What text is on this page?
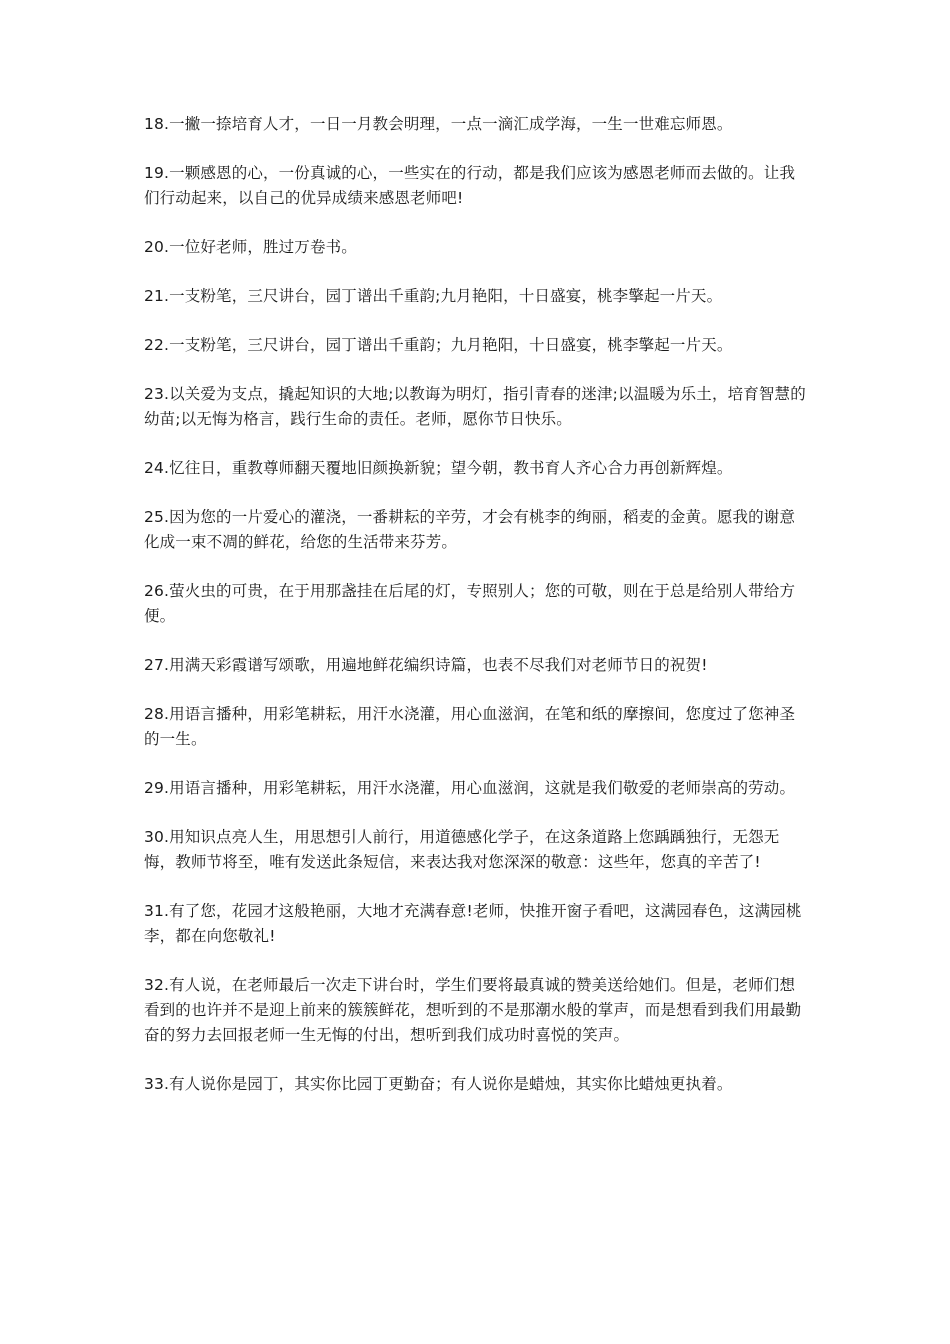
18.一撇一捺培育人才，一日一月教会明理，一点一滴汇成学海，一生一世难忘师恩。

19.一颗感恩的心，一份真诚的心，一些实在的行动，都是我们应该为感恩老师而去做的。让我们行动起来，以自己的优异成绩来感恩老师吧!

20.一位好老师，胜过万卷书。

21.一支粉笔，三尺讲台，园丁谱出千重韵;九月艳阳，十日盛宴，桃李擎起一片天。

22.一支粉笔，三尺讲台，园丁谱出千重韵；九月艳阳，十日盛宴，桃李擎起一片天。

23.以关爱为支点，撬起知识的大地;以教诲为明灯，指引青春的迷津;以温暖为乐土，培育智慧的幼苗;以无悔为格言，践行生命的责任。老师，愿你节日快乐。

24.忆往日，重教尊师翻天覆地旧颜换新貌；望今朝，教书育人齐心合力再创新辉煌。

25.因为您的一片爱心的灌浇，一番耕耘的辛劳，才会有桃李的绚丽，稻麦的金黄。愿我的谢意化成一束不凋的鲜花，给您的生活带来芬芳。

26.萤火虫的可贵，在于用那盏挂在后尾的灯，专照别人；您的可敬，则在于总是给别人带给方便。

27.用满天彩霞谱写颂歌，用遍地鲜花编织诗篇，也表不尽我们对老师节日的祝贺!

28.用语言播种，用彩笔耕耘，用汗水浇灌，用心血滋润，在笔和纸的摩擦间，您度过了您神圣的一生。

29.用语言播种，用彩笔耕耘，用汗水浇灌，用心血滋润，这就是我们敬爱的老师崇高的劳动。

30.用知识点亮人生，用思想引人前行，用道德感化学子，在这条道路上您踽踽独行，无怨无悔，教师节将至，唯有发送此条短信，来表达我对您深深的敬意：这些年，您真的辛苦了!

31.有了您，花园才这般艳丽，大地才充满春意!老师，快推开窗子看吧，这满园春色，这满园桃李，都在向您敬礼!

32.有人说，在老师最后一次走下讲台时，学生们要将最真诚的赞美送给她们。但是，老师们想看到的也许并不是迎上前来的簇簇鲜花，想听到的不是那潮水般的掌声，而是想看到我们用最勤奋的努力去回报老师一生无悔的付出，想听到我们成功时喜悦的笑声。

33.有人说你是园丁，其实你比园丁更勤奋；有人说你是蜡烛，其实你比蜡烛更执着。
